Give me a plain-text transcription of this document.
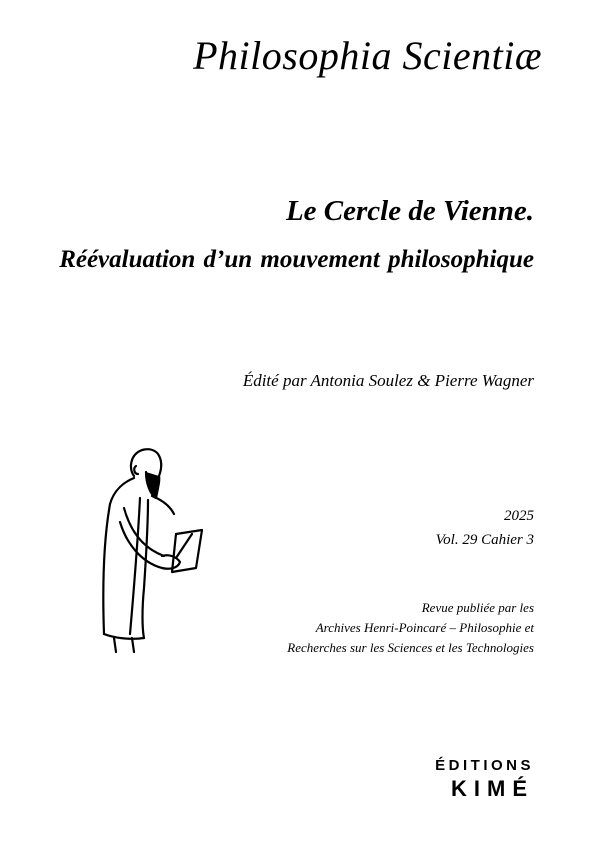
Philosophia Scientiæ
Le Cercle de Vienne.
Réévaluation d’un mouvement philosophique
Édité par Antonia Soulez & Pierre Wagner
2025
Vol. 29 Cahier 3
Revue publiée par les
Archives Henri-Poincaré – Philosophie et
Recherches sur les Sciences et les Technologies
ÉDITIONS
KIMÉ
